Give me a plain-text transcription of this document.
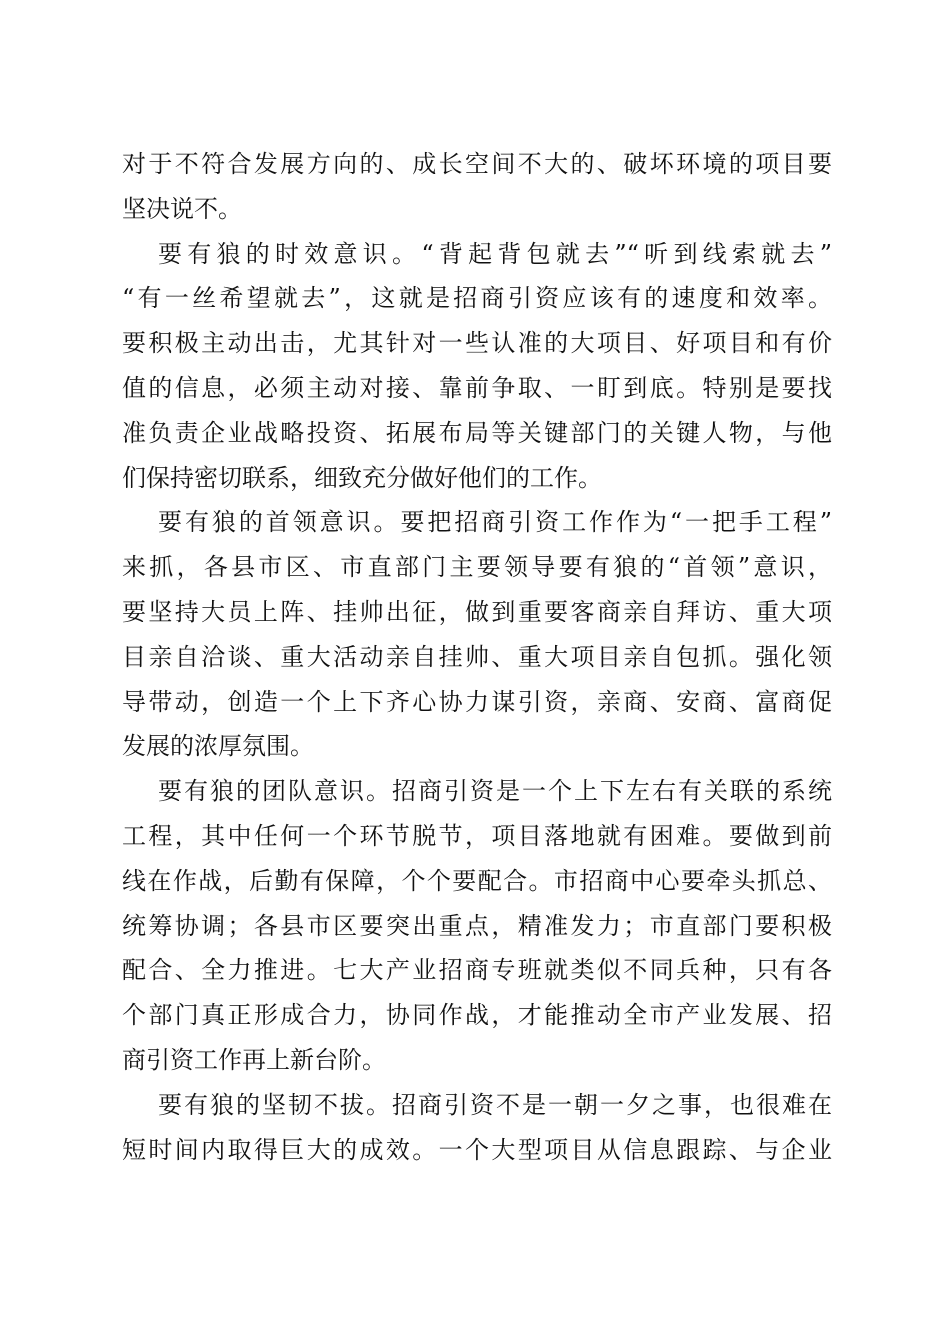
对于不符合发展方向的、成长空间不大的、破坏环境的项目要
坚决说不。
要有狼的时效意识。“背起背包就去”“听到线索就去”
“有一丝希望就去”，这就是招商引资应该有的速度和效率。
要积极主动出击，尤其针对一些认准的大项目、好项目和有价
值的信息，必须主动对接、靠前争取、一盯到底。特别是要找
准负责企业战略投资、拓展布局等关键部门的关键人物，与他
们保持密切联系，细致充分做好他们的工作。
要有狼的首领意识。要把招商引资工作作为“一把手工程”
来抓，各县市区、市直部门主要领导要有狼的“首领”意识，
要坚持大员上阵、挂帅出征，做到重要客商亲自拜访、重大项
目亲自洽谈、重大活动亲自挂帅、重大项目亲自包抓。强化领
导带动，创造一个上下齐心协力谋引资，亲商、安商、富商促
发展的浓厚氛围。
要有狼的团队意识。招商引资是一个上下左右有关联的系统
工程，其中任何一个环节脱节，项目落地就有困难。要做到前
线在作战，后勤有保障，个个要配合。市招商中心要牵头抓总、
统筹协调；各县市区要突出重点，精准发力；市直部门要积极
配合、全力推进。七大产业招商专班就类似不同兵种，只有各
个部门真正形成合力，协同作战，才能推动全市产业发展、招
商引资工作再上新台阶。
要有狼的坚韧不拔。招商引资不是一朝一夕之事，也很难在
短时间内取得巨大的成效。一个大型项目从信息跟踪、与企业
